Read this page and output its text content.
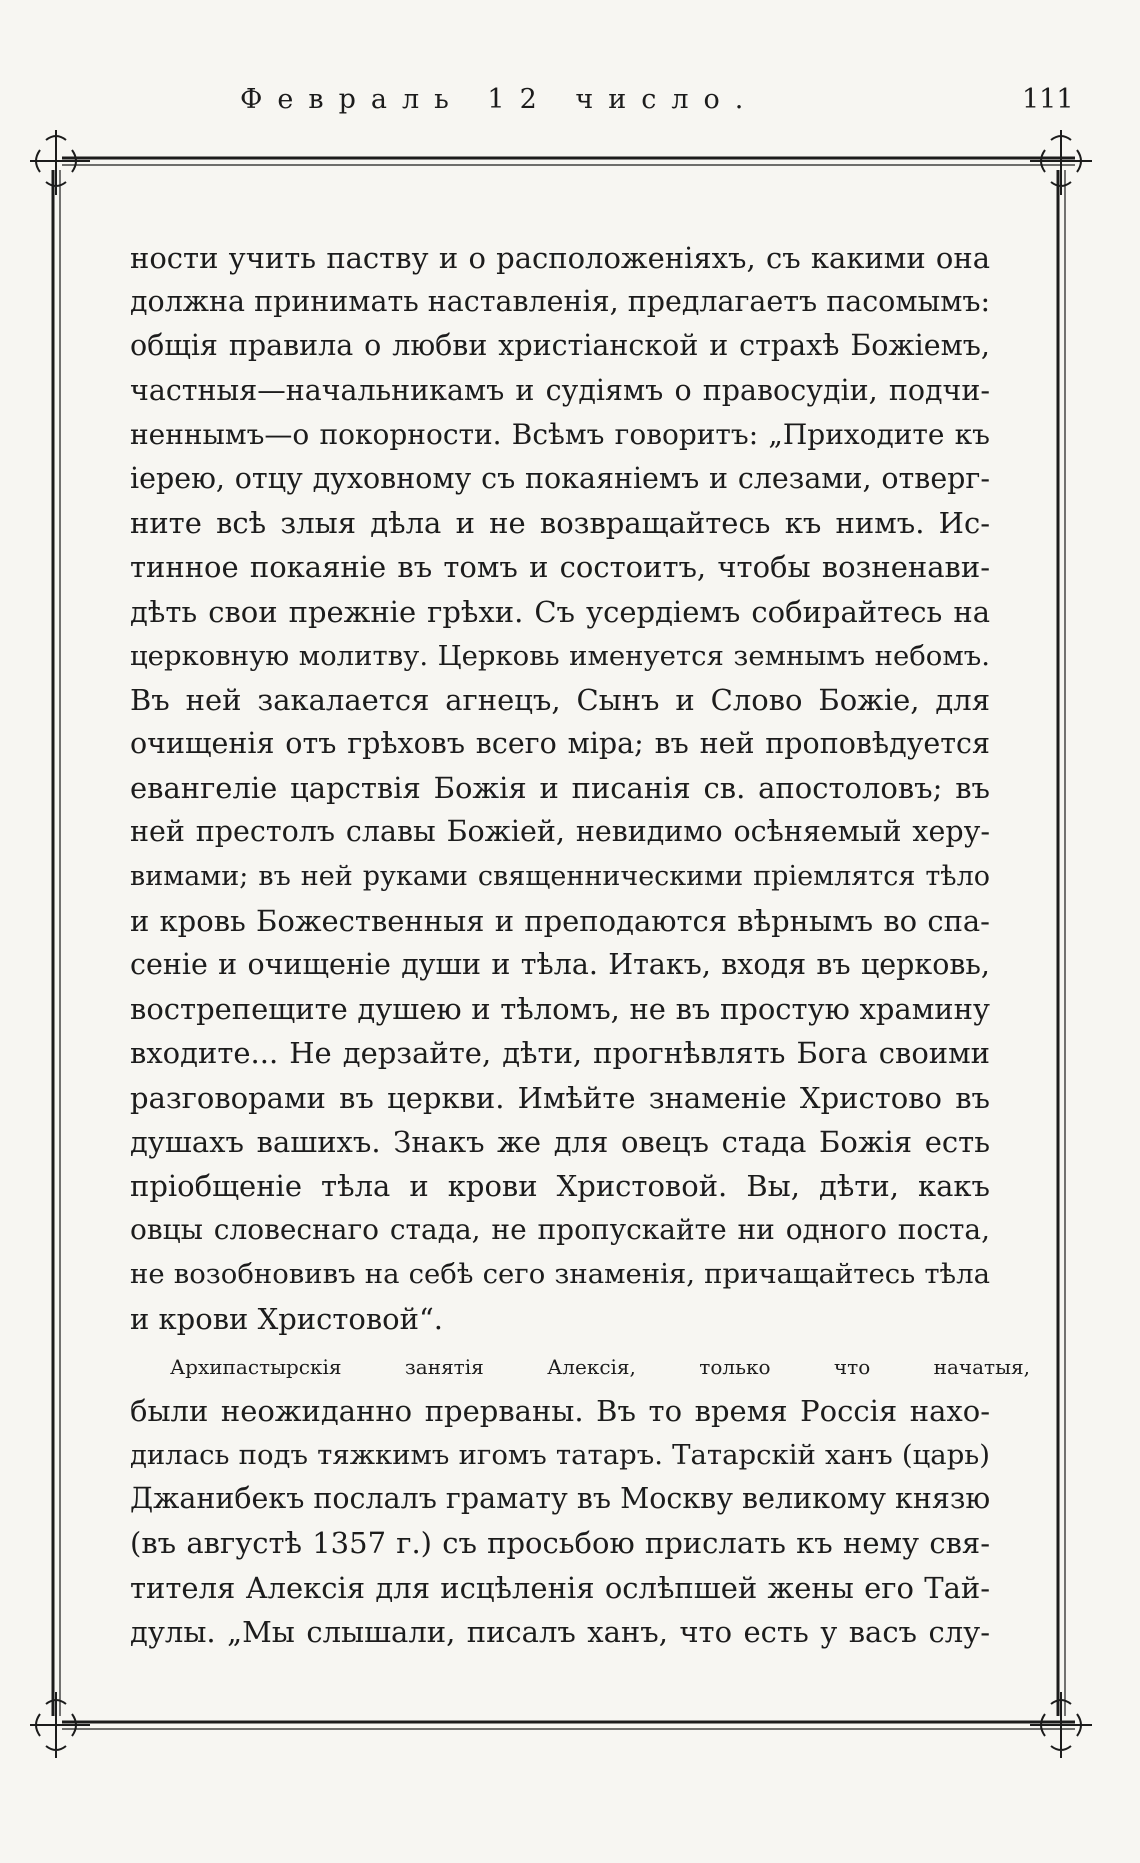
Февраль 12 число.	111
ности учить паству и о расположеніяхъ, съ какими она
должна принимать наставленія, предлагаетъ пасомымъ:
общія правила о любви христіанской и страхѣ Божіемъ,
частныя—начальникамъ и судіямъ о правосудіи, подчи-
неннымъ—о покорности. Всѣмъ говоритъ: „Приходите къ
іерею, отцу духовному съ покаяніемъ и слезами, отверг-
ните всѣ злыя дѣла и не возвращайтесь къ нимъ. Ис-
тинное покаяніе въ томъ и состоитъ, чтобы возненави-
дѣть свои прежніе грѣхи. Съ усердіемъ собирайтесь на
церковную молитву. Церковь именуется земнымъ небомъ.
Въ ней закалается агнецъ, Сынъ и Слово Божіе, для
очищенія отъ грѣховъ всего міра; въ ней проповѣдуется
евангеліе царствія Божія и писанія св. апостоловъ; въ
ней престолъ славы Божіей, невидимо осѣняемый херу-
вимами; въ ней руками священническими пріемлятся тѣло
и кровь Божественныя и преподаются вѣрнымъ во спа-
сеніе и очищеніе души и тѣла. Итакъ, входя въ церковь,
вострепещите душею и тѣломъ, не въ простую храмину
входите... Не дерзайте, дѣти, прогнѣвлять Бога своими
разговорами въ церкви. Имѣйте знаменіе Христово въ
душахъ вашихъ. Знакъ же для овецъ стада Божія есть
пріобщеніе тѣла и крови Христовой. Вы, дѣти, какъ
овцы словеснаго стада, не пропускайте ни одного поста,
не возобновивъ на себѣ сего знаменія, причащайтесь тѣла
и крови Христовой“.
Архипастырскія занятія Алексія, только что начатыя,
были неожиданно прерваны. Въ то время Россія нахо-
дилась подъ тяжкимъ игомъ татаръ. Татарскій ханъ (царь)
Джанибекъ послалъ грамату въ Москву великому князю
(въ августѣ 1357 г.) съ просьбою прислать къ нему свя-
тителя Алексія для исцѣленія ослѣпшей жены его Тай-
дулы. „Мы слышали, писалъ ханъ, что есть у васъ слу-
